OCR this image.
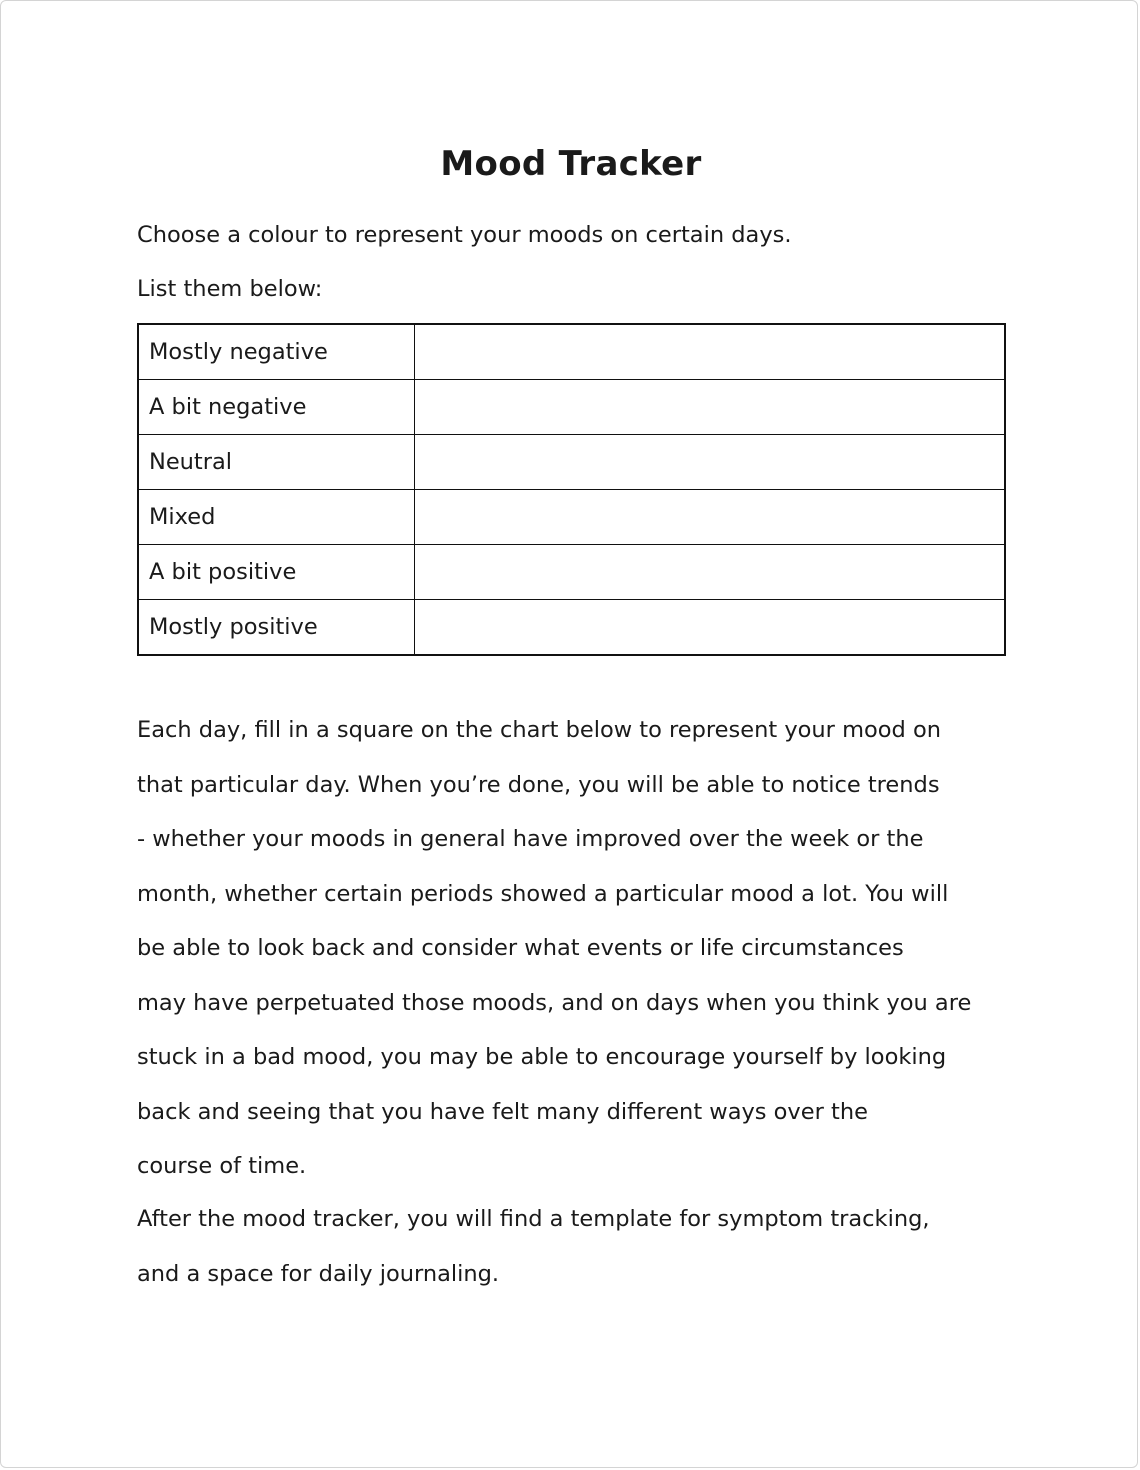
Mood Tracker

Choose a colour to represent your moods on certain days.

List them below:

Mostly negative	
A bit negative	
Neutral	
Mixed	
A bit positive	
Mostly positive	

Each day, fill in a square on the chart below to represent your mood on

that particular day. When you’re done, you will be able to notice trends

- whether your moods in general have improved over the week or the

month, whether certain periods showed a particular mood a lot. You will

be able to look back and consider what events or life circumstances

may have perpetuated those moods, and on days when you think you are

stuck in a bad mood, you may be able to encourage yourself by looking

back and seeing that you have felt many different ways over the

course of time.

After the mood tracker, you will find a template for symptom tracking,

and a space for daily journaling.
